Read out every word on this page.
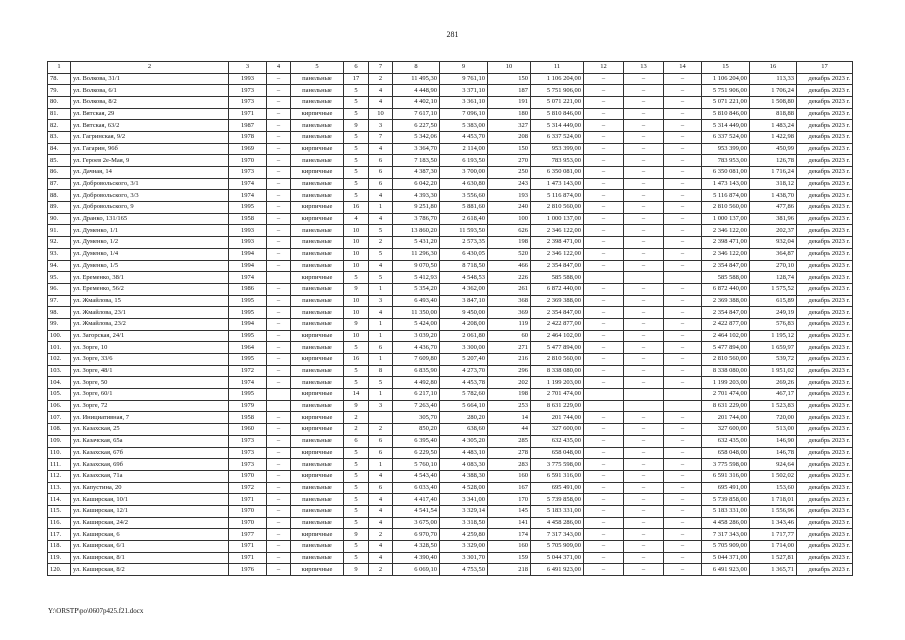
281
1	2	3	4	5	6	7	8	9	10	11	12	13	14	15	16	17
78.	ул. Волкова, 31/1	1993	–	панельные	17	2	11 495,30	9 761,10	150	1 106 204,00	–	–	–	1 106 204,00	113,33	декабрь 2023 г.
79.	ул. Волкова, 6/1	1973	–	панельные	5	4	4 448,90	3 371,10	187	5 751 906,00	–	–	–	5 751 906,00	1 706,24	декабрь 2023 г.
80.	ул. Волкова, 8/2	1973	–	панельные	5	4	4 402,10	3 361,10	191	5 071 221,00	–	–	–	5 071 221,00	1 508,80	декабрь 2023 г.
81.	ул. Вятская, 29	1971	–	кирпичные	5	10	7 617,10	7 096,10	180	5 810 846,00	–	–	–	5 810 846,00	818,88	декабрь 2023 г.
82.	ул. Вятская, 63/2	1987	–	панельные	9	3	6 227,50	5 383,00	327	5 314 449,00	–	–	–	5 314 449,00	1 483,24	декабрь 2023 г.
83.	ул. Гагринская, 9/2	1978	–	панельные	5	7	5 342,06	4 453,70	208	6 337 524,00	–	–	–	6 337 524,00	1 422,98	декабрь 2023 г.
84.	ул. Гагарин, 96б	1969	–	кирпичные	5	4	3 364,70	2 114,00	150	953 399,00	–	–	–	953 399,00	450,99	декабрь 2023 г.
85.	ул. Героев 2е-Мая, 9	1970	–	панельные	5	6	7 183,50	6 193,50	270	783 953,00	–	–	–	783 953,00	126,78	декабрь 2023 г.
86.	ул. Дачная, 14	1973	–	кирпичные	5	6	4 387,30	3 700,00	250	6 350 081,00	–	–	–	6 350 081,00	1 716,24	декабрь 2023 г.
87.	ул. Добровольского, 3/1	1974	–	панельные	5	6	6 042,20	4 630,80	243	1 473 143,00	–	–	–	1 473 143,00	318,12	декабрь 2023 г.
88.	ул. Добровольского, 3/3	1974	–	панельные	5	4	4 393,30	3 556,60	193	5 116 874,00	–	–	–	5 116 874,00	1 438,70	декабрь 2023 г.
89.	ул. Добровольского, 9	1995	–	кирпичные	16	1	9 251,80	5 881,60	240	2 810 560,00	–	–	–	2 810 560,00	477,86	декабрь 2023 г.
90.	ул. Дранко, 131/165	1958	–	кирпичные	4	4	3 786,70	2 618,40	100	1 000 137,00	–	–	–	1 000 137,00	381,96	декабрь 2023 г.
91.	ул. Думенко, 1/1	1993	–	панельные	10	5	13 860,20	11 593,50	626	2 346 122,00	–	–	–	2 346 122,00	202,37	декабрь 2023 г.
92.	ул. Думенко, 1/2	1993	–	панельные	10	2	5 431,20	2 573,35	198	2 398 471,00	–	–	–	2 398 471,00	932,04	декабрь 2023 г.
93.	ул. Думенко, 1/4	1994	–	панельные	10	5	11 296,30	6 430,05	520	2 346 122,00	–	–	–	2 346 122,00	364,87	декабрь 2023 г.
94.	ул. Думенко, 1/5	1994	–	панельные	10	4	9 070,50	8 718,50	466	2 354 847,00	–	–	–	2 354 847,00	270,10	декабрь 2023 г.
95.	ул. Еременко, 38/1	1974		кирпичные	5	5	5 412,93	4 548,53	226	585 588,00				585 588,00	128,74	декабрь 2023 г.
96.	ул. Еременко, 56/2	1986	–	панельные	9	1	5 354,20	4 362,00	261	6 872 440,00	–	–	–	6 872 440,00	1 575,52	декабрь 2023 г.
97.	ул. Жмайлова, 15	1995	–	панельные	10	3	6 493,40	3 847,10	368	2 369 388,00	–	–	–	2 369 388,00	615,89	декабрь 2023 г.
98.	ул. Жмайлова, 23/1	1995	–	панельные	10	4	11 350,00	9 450,00	369	2 354 847,00	–	–	–	2 354 847,00	249,19	декабрь 2023 г.
99.	ул. Жмайлова, 23/2	1994	–	панельные	9	1	5 424,00	4 208,00	119	2 422 877,00	–	–	–	2 422 877,00	576,83	декабрь 2023 г.
100.	ул. Загорская, 24/1	1995	–	кирпичные	10	1	3 039,20	2 061,80	60	2 464 102,00	–	–	–	2 464 102,00	1 195,12	декабрь 2023 г.
101.	ул. Зорге, 10	1964	–	панельные	5	6	4 436,70	3 300,00	271	5 477 894,00	–	–	–	5 477 894,00	1 659,97	декабрь 2023 г.
102.	ул. Зорге, 33/6	1995	–	кирпичные	16	1	7 609,80	5 207,40	216	2 810 560,00	–	–	–	2 810 560,00	539,72	декабрь 2023 г.
103.	ул. Зорге, 48/1	1972	–	панельные	5	8	6 835,90	4 273,70	296	8 338 080,00	–	–	–	8 338 080,00	1 951,02	декабрь 2023 г.
104.	ул. Зорге, 50	1974	–	панельные	5	5	4 492,80	4 453,78	202	1 199 203,00	–	–	–	1 199 203,00	269,26	декабрь 2023 г.
105.	ул. Зорге, 60/1	1995		кирпичные	14	1	6 217,10	5 782,60	198	2 701 474,00				2 701 474,00	467,17	декабрь 2023 г.
106.	ул. Зорге, 72	1979		панельные	9	3	7 263,40	5 664,10	253	8 631 229,00				8 631 229,00	1 523,83	декабрь 2023 г.
107.	ул. Инициативная, 7	1958	–	кирпичные	2		305,70	280,20	14	201 744,00	–	–	–	201 744,00	720,00	декабрь 2023 г.
108.	ул. Казахская, 25	1960	–	кирпичные	2	2	850,20	638,60	44	327 600,00	–	–	–	327 600,00	513,00	декабрь 2023 г.
109.	ул. Казачская, 65а	1973	–	панельные	6	6	6 395,40	4 305,20	285	632 435,00	–	–	–	632 435,00	146,90	декабрь 2023 г.
110.	ул. Казахская, 67б	1973	–	кирпичные	5	6	6 229,50	4 483,10	278	658 048,00	–	–	–	658 048,00	146,78	декабрь 2023 г.
111.	ул. Казахская, 69б	1973	–	панельные	5	1	5 760,10	4 083,30	283	3 775 598,00	–	–	–	3 775 598,00	924,64	декабрь 2023 г.
112.	ул. Казахская, 71а	1970	–	кирпичные	5	4	4 543,40	4 388,30	160	6 591 316,00	–	–	–	6 591 316,00	1 502,02	декабрь 2023 г.
113.	ул. Капустина, 20	1972	–	панельные	5	6	6 033,40	4 528,00	167	695 491,00	–	–	–	695 491,00	153,60	декабрь 2023 г.
114.	ул. Каширская, 10/1	1971	–	панельные	5	4	4 417,40	3 341,00	170	5 739 858,00	–	–	–	5 739 858,00	1 718,01	декабрь 2023 г.
115.	ул. Каширская, 12/1	1970	–	панельные	5	4	4 541,54	3 329,14	145	5 183 331,00	–	–	–	5 183 331,00	1 556,96	декабрь 2023 г.
116.	ул. Каширская, 24/2	1970	–	панельные	5	4	3 675,00	3 318,50	141	4 458 286,00	–	–	–	4 458 286,00	1 343,46	декабрь 2023 г.
117.	ул. Каширская, 6	1977	–	кирпичные	9	2	6 970,70	4 259,80	174	7 317 343,00	–	–	–	7 317 343,00	1 717,77	декабрь 2023 г.
118.	ул. Каширская, 6/1	1971	–	панельные	5	4	4 328,50	3 329,00	160	5 705 909,00	–	–	–	5 705 909,00	1 714,00	декабрь 2023 г.
119.	ул. Каширская, 8/1	1971	–	панельные	5	4	4 390,40	3 301,70	159	5 044 371,00	–	–	–	5 044 371,00	1 527,81	декабрь 2023 г.
120.	ул. Каширская, 8/2	1976	–	кирпичные	9	2	6 069,10	4 753,50	218	6 491 923,00	–	–	–	6 491 923,00	1 365,71	декабрь 2023 г.
Y:\ORSTP\po\0607p425.f21.docx
